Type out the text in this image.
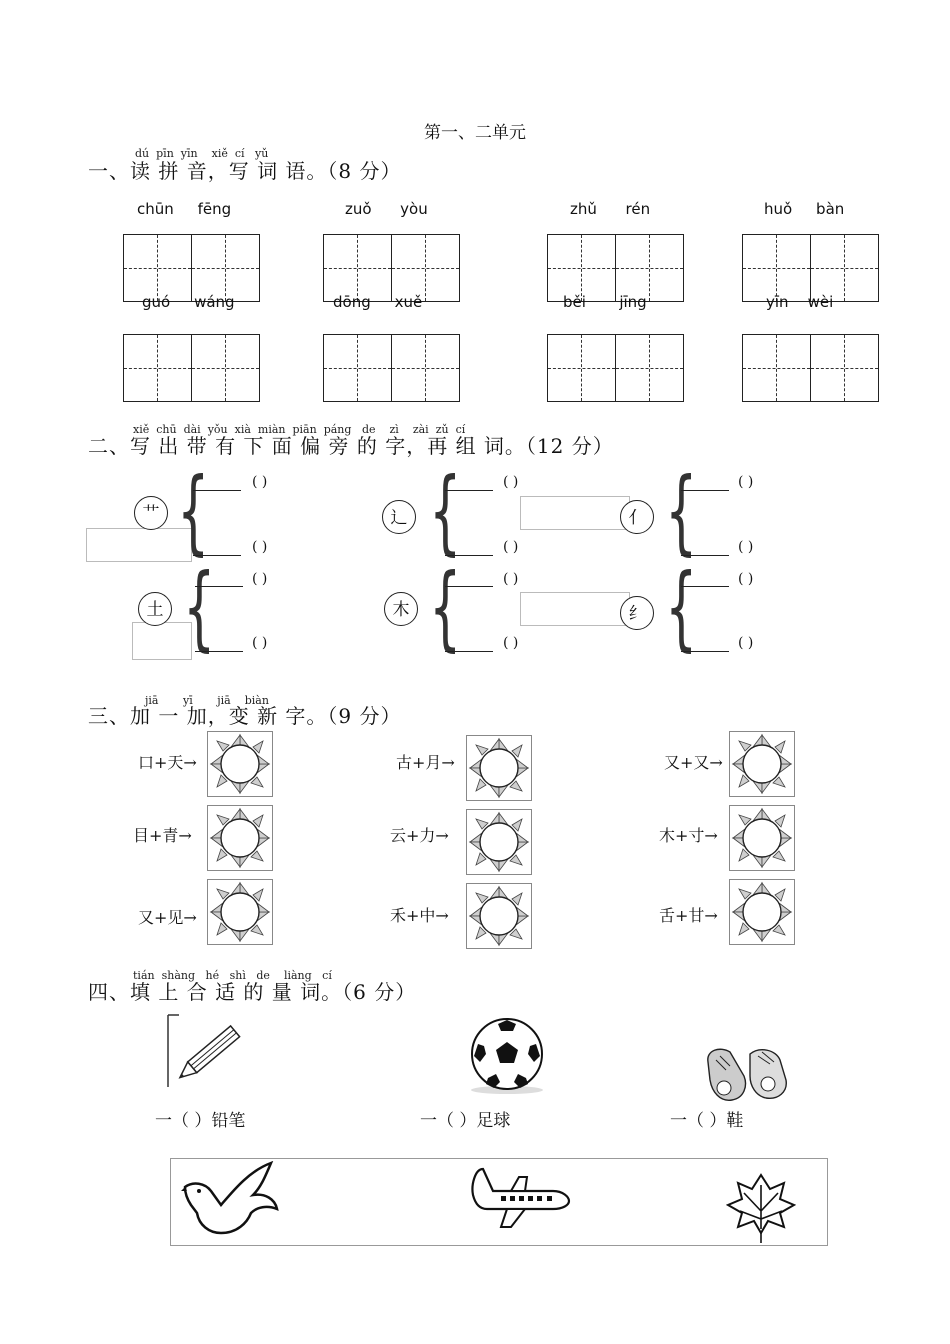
第一、二单元
dú pīn yīn xiě cí yǔ
一、读 拼 音，写 词 语。（8 分）
chūn fēng	zuǒ yòu	zhǔ rén	huǒ bàn
guó wáng	dōng xuě	běi jīng	yīn wèi
xiě chū dài yǒu xià miàn piān páng de zì zài zǔ cí
二、写 出 带 有 下 面 偏 旁 的 字，再 组 词。（12 分）
艹 {	( )
( )
辶 {	( )
( )
亻 {	( )
( )
土 {	( )
( )
木 {	( )
( )
纟 {	( )
( )
jiā yī jiā biàn
三、加 一 加，变 新 字。（9 分）
口+天→	古+月→	又+又→
目+青→	云+力→	木+寸→
又+见→	禾+中→	舌+甘→
tián shàng hé shì de liàng cí
四、填 上 合 适 的 量 词。（6 分）
一（ ）铅笔	一（ ）足球	一（ ）鞋
